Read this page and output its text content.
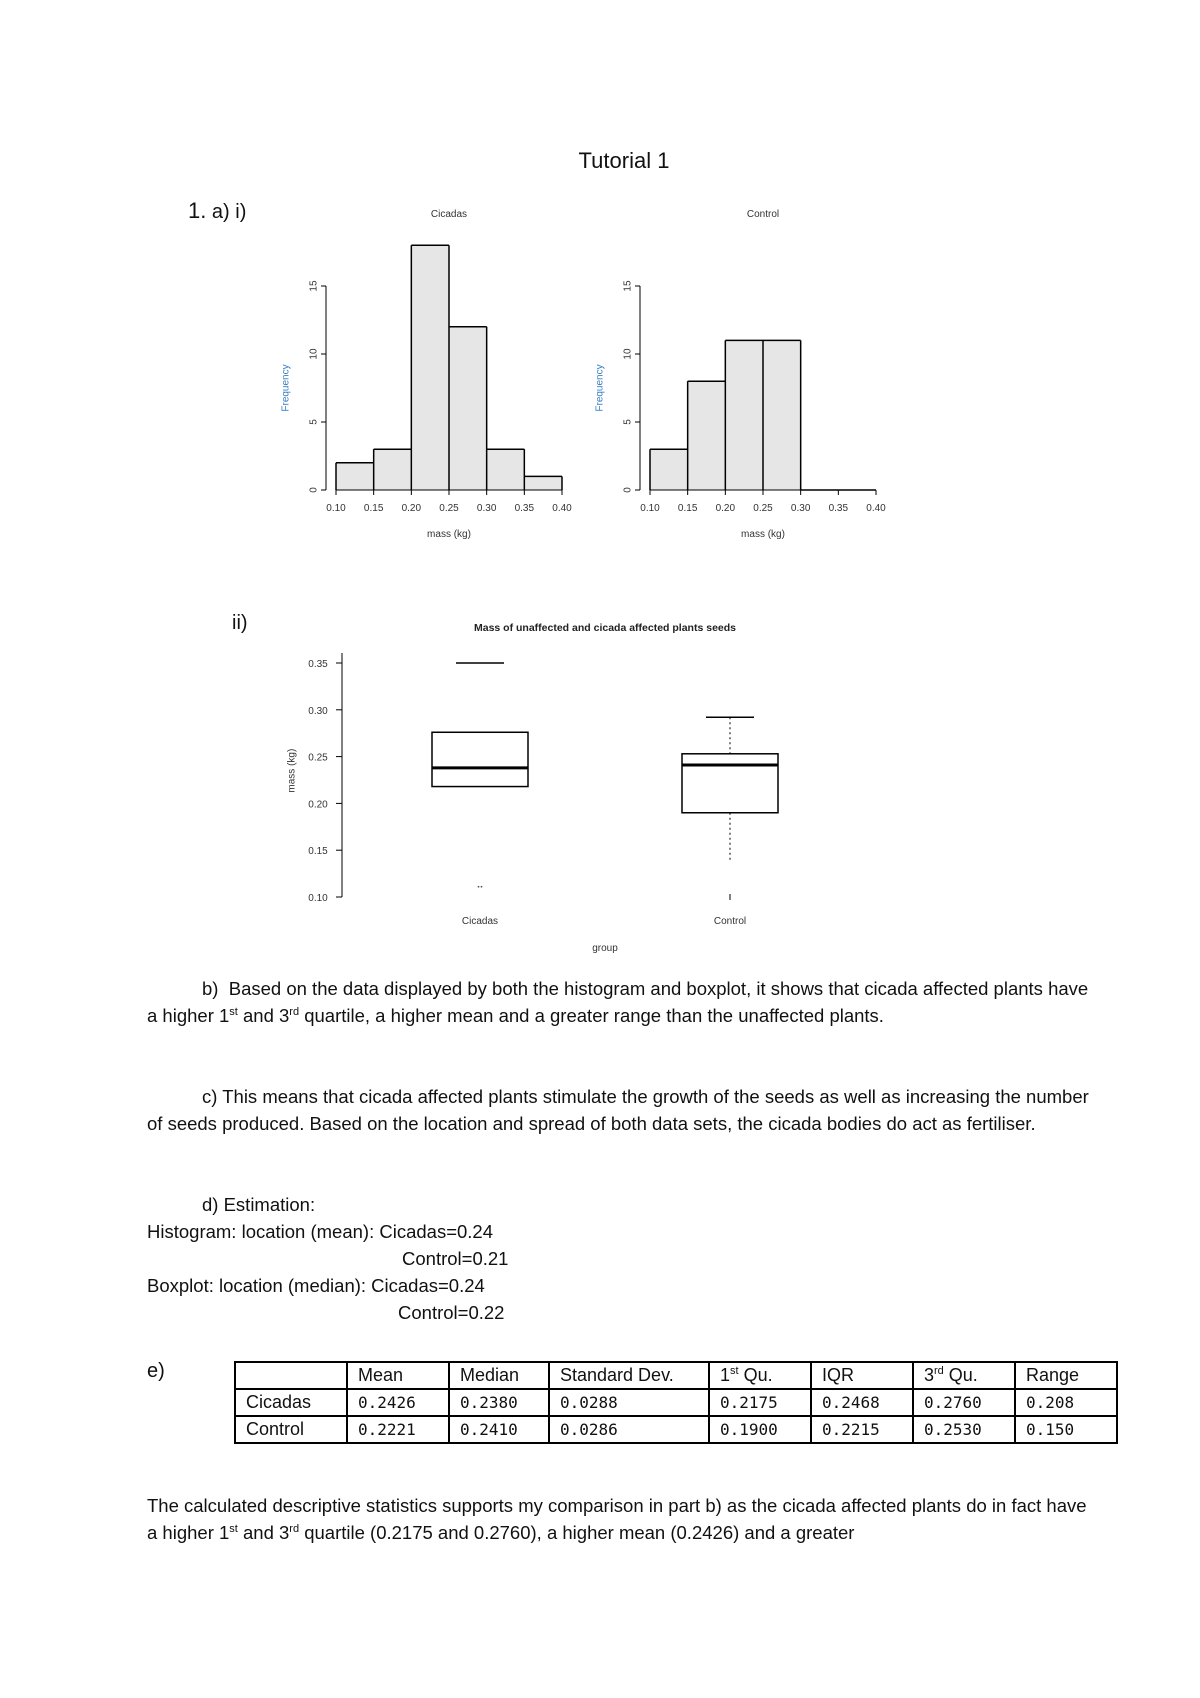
Tutorial 1
1. a) i)	Cicadas
0.10 0.15 0.20 0.25 0.30 0.35 0.40
mass (kg)
0
5
10
15
Frequency
Control
0.10 0.15 0.20 0.25 0.30 0.35 0.40
mass (kg)
0
5
10
15
Frequency
ii)	Mass of unaffected and cicada affected plants seeds
0.35
0.30
0.25
0.20
0.15
0.10
mass (kg)
Cicadas	Control
group
b) Based on the data displayed by both the histogram and boxplot, it shows that cicada affected plants have a higher 1st and 3rd quartile, a higher mean and a greater range than the unaffected plants.
c) This means that cicada affected plants stimulate the growth of the seeds as well as increasing the number of seeds produced. Based on the location and spread of both data sets, the cicada bodies do act as fertiliser.
d) Estimation:
Histogram: location (mean): Cicadas=0.24
Control=0.21
Boxplot: location (median): Cicadas=0.24
Control=0.22
e)
		Mean	Median	Standard Dev.	1st Qu.	IQR	3rd Qu.	Range
Cicadas	0.2426	0.2380	0.0288	0.2175	0.2468	0.2760	0.208
Control	0.2221	0.2410	0.0286	0.1900	0.2215	0.2530	0.150
The calculated descriptive statistics supports my comparison in part b) as the cicada affected plants do in fact have a higher 1st and 3rd quartile (0.2175 and 0.2760), a higher mean (0.2426) and a greater
